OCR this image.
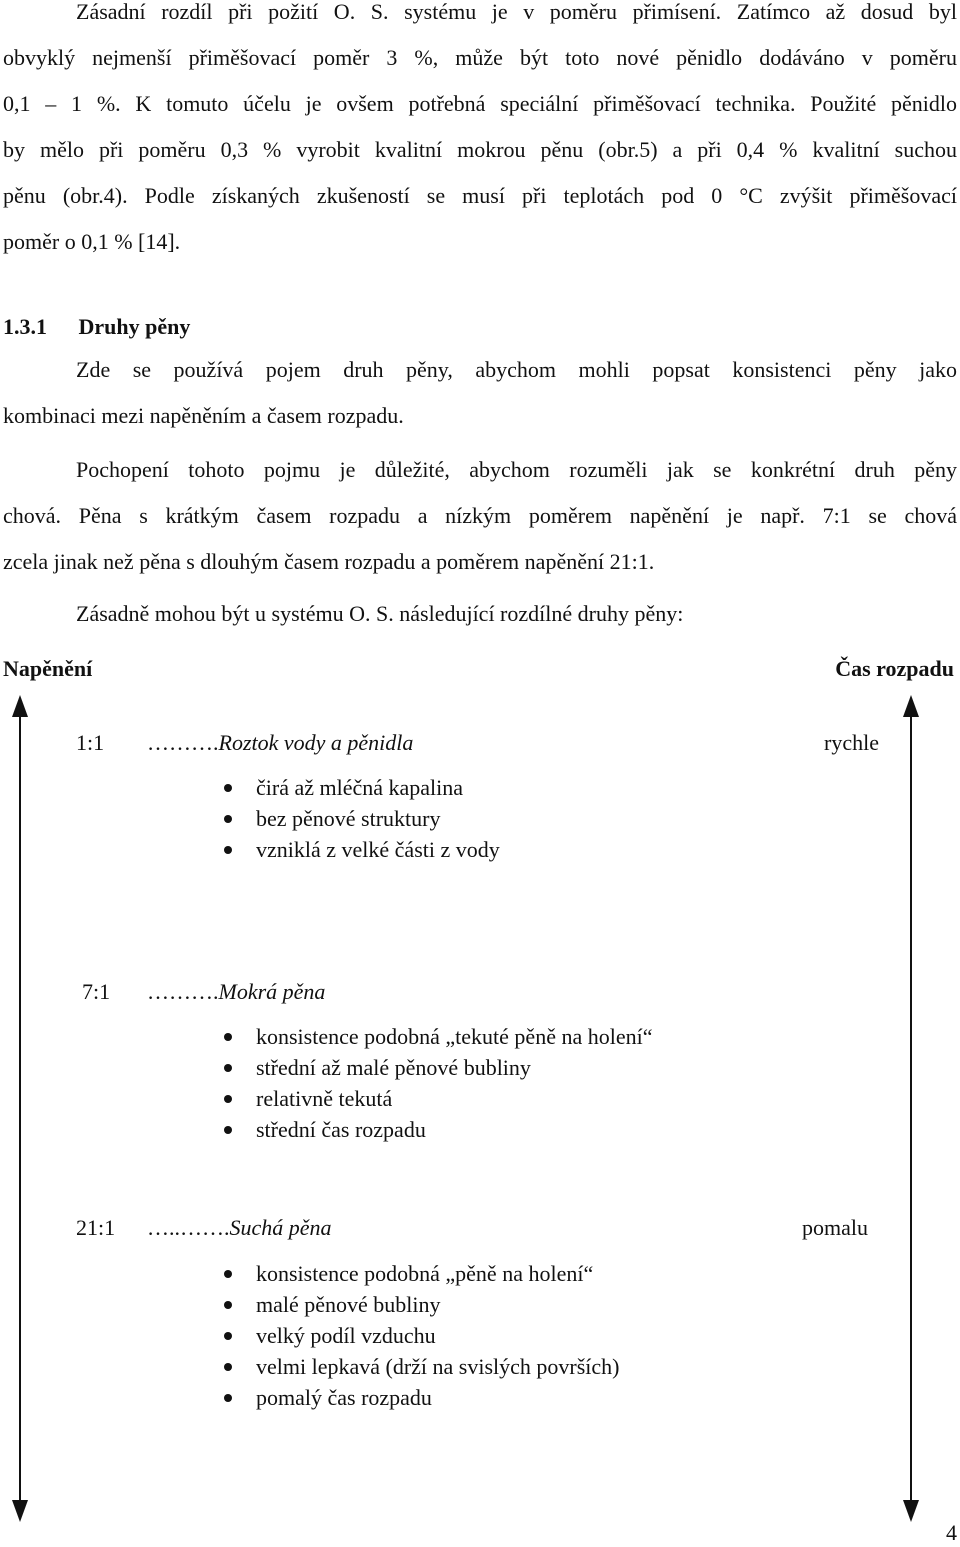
Zásadní rozdíl při požití O. S. systému je v poměru přimísení. Zatímco až dosud byl
obvyklý nejmenší přiměšovací poměr 3 %, může být toto nové pěnidlo dodáváno v poměru
0,1 – 1 %. K tomuto účelu je ovšem potřebná speciální přiměšovací technika. Použité pěnidlo
by mělo při poměru 0,3 % vyrobit kvalitní mokrou pěnu (obr.5) a při 0,4 % kvalitní suchou
pěnu (obr.4). Podle získaných zkušeností se musí při teplotách pod 0 °C zvýšit přiměšovací
poměr o 0,1 % [14].
1.3.1 Druhy pěny
Zde se používá pojem druh pěny, abychom mohli popsat konsistenci pěny jako
kombinaci mezi napěněním a časem rozpadu.
Pochopení tohoto pojmu je důležité, abychom rozuměli jak se konkrétní druh pěny
chová. Pěna s krátkým časem rozpadu a nízkým poměrem napěnění je např. 7:1 se chová
zcela jinak než pěna s dlouhým časem rozpadu a poměrem napěnění 21:1.
Zásadně mohou být u systému O. S. následující rozdílné druhy pěny:
Napěnění	Čas rozpadu
1:1 ……….Roztok vody a pěnidla	rychle
čirá až mléčná kapalina
bez pěnové struktury
vzniklá z velké části z vody
7:1 ……….Mokrá pěna
konsistence podobná „tekuté pěně na holení“
střední až malé pěnové bubliny
relativně tekutá
střední čas rozpadu
21:1 …..…….Suchá pěna	pomalu
konsistence podobná „pěně na holení“
malé pěnové bubliny
velký podíl vzduchu
velmi lepkavá (drží na svislých površích)
pomalý čas rozpadu
4
